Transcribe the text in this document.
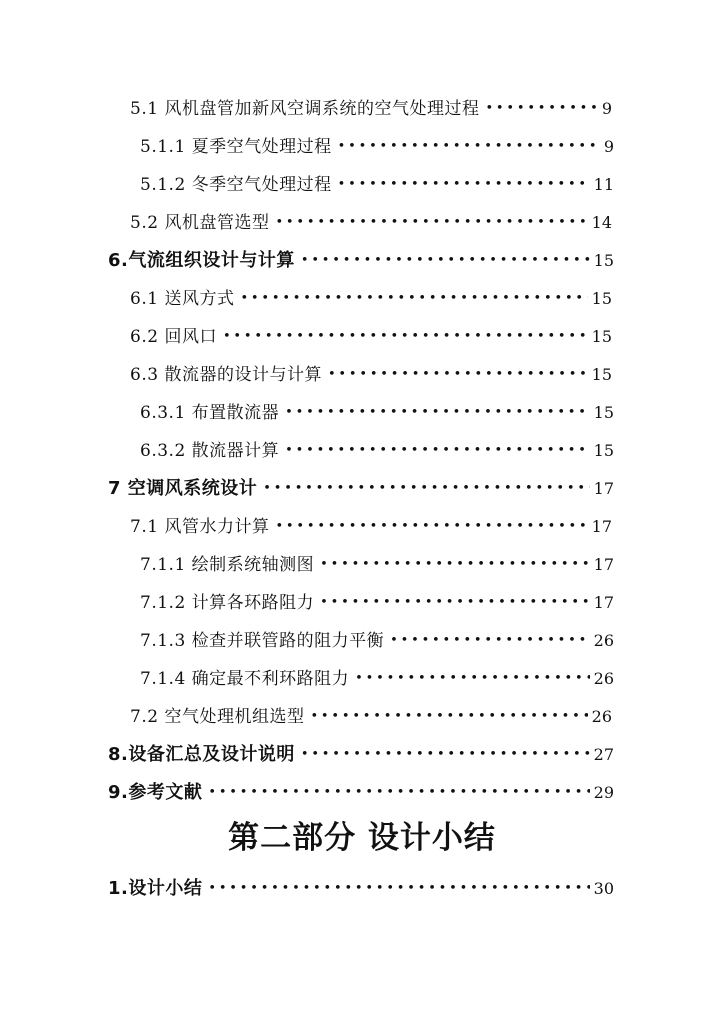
5.1 风机盘管加新风空调系统的空气处理过程 •••••	9
5.1.1 夏季空气处理过程 •••••	9
5.1.2 冬季空气处理过程 •••••	11
5.2 风机盘管选型 •••••	14
6.气流组织设计与计算 •••••	15
6.1 送风方式 •••••	15
6.2 回风口 •••••	15
6.3 散流器的设计与计算 •••••	15
6.3.1 布置散流器 •••••	15
6.3.2 散流器计算 •••••	15
7 空调风系统设计 •••••	17
7.1 风管水力计算 •••••	17
7.1.1 绘制系统轴测图 •••••	17
7.1.2 计算各环路阻力 •••••	17
7.1.3 检查并联管路的阻力平衡 •••••	26
7.1.4 确定最不利环路阻力 •••••	26
7.2 空气处理机组选型 •••••	26
8.设备汇总及设计说明 •••••	27
9.参考文献 •••••	29
第二部分 设计小结
1.设计小结 •••••	30
